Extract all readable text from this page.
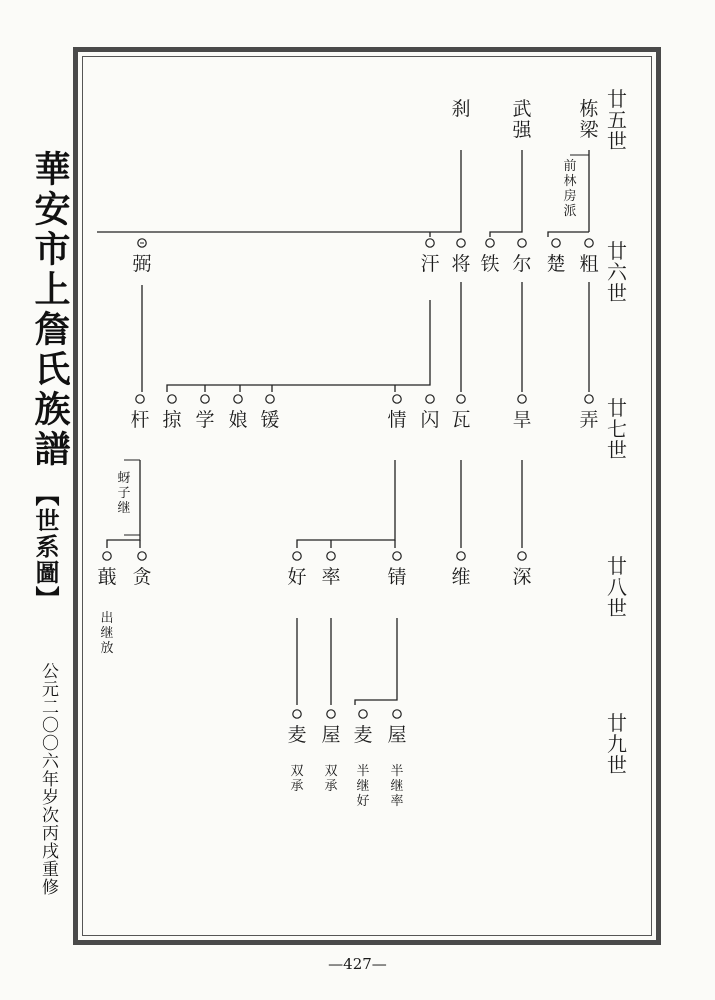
華安市上詹氏族譜
【世系圖】
公元二〇〇六年岁次丙戌重修
栋梁
武强
刹
粗
楚
尔
铁
将
汗
弼
弄
旱
瓦
闪
情
锾
娘
学
掠
杆
深
维
锖
率
好
贪
蕺
屋
麦
屋
麦
前林房派
蚜子继
出继放
双承
双承
半继好
半继率
廿五世
廿六世
廿七世
廿八世
廿九世
—427—
